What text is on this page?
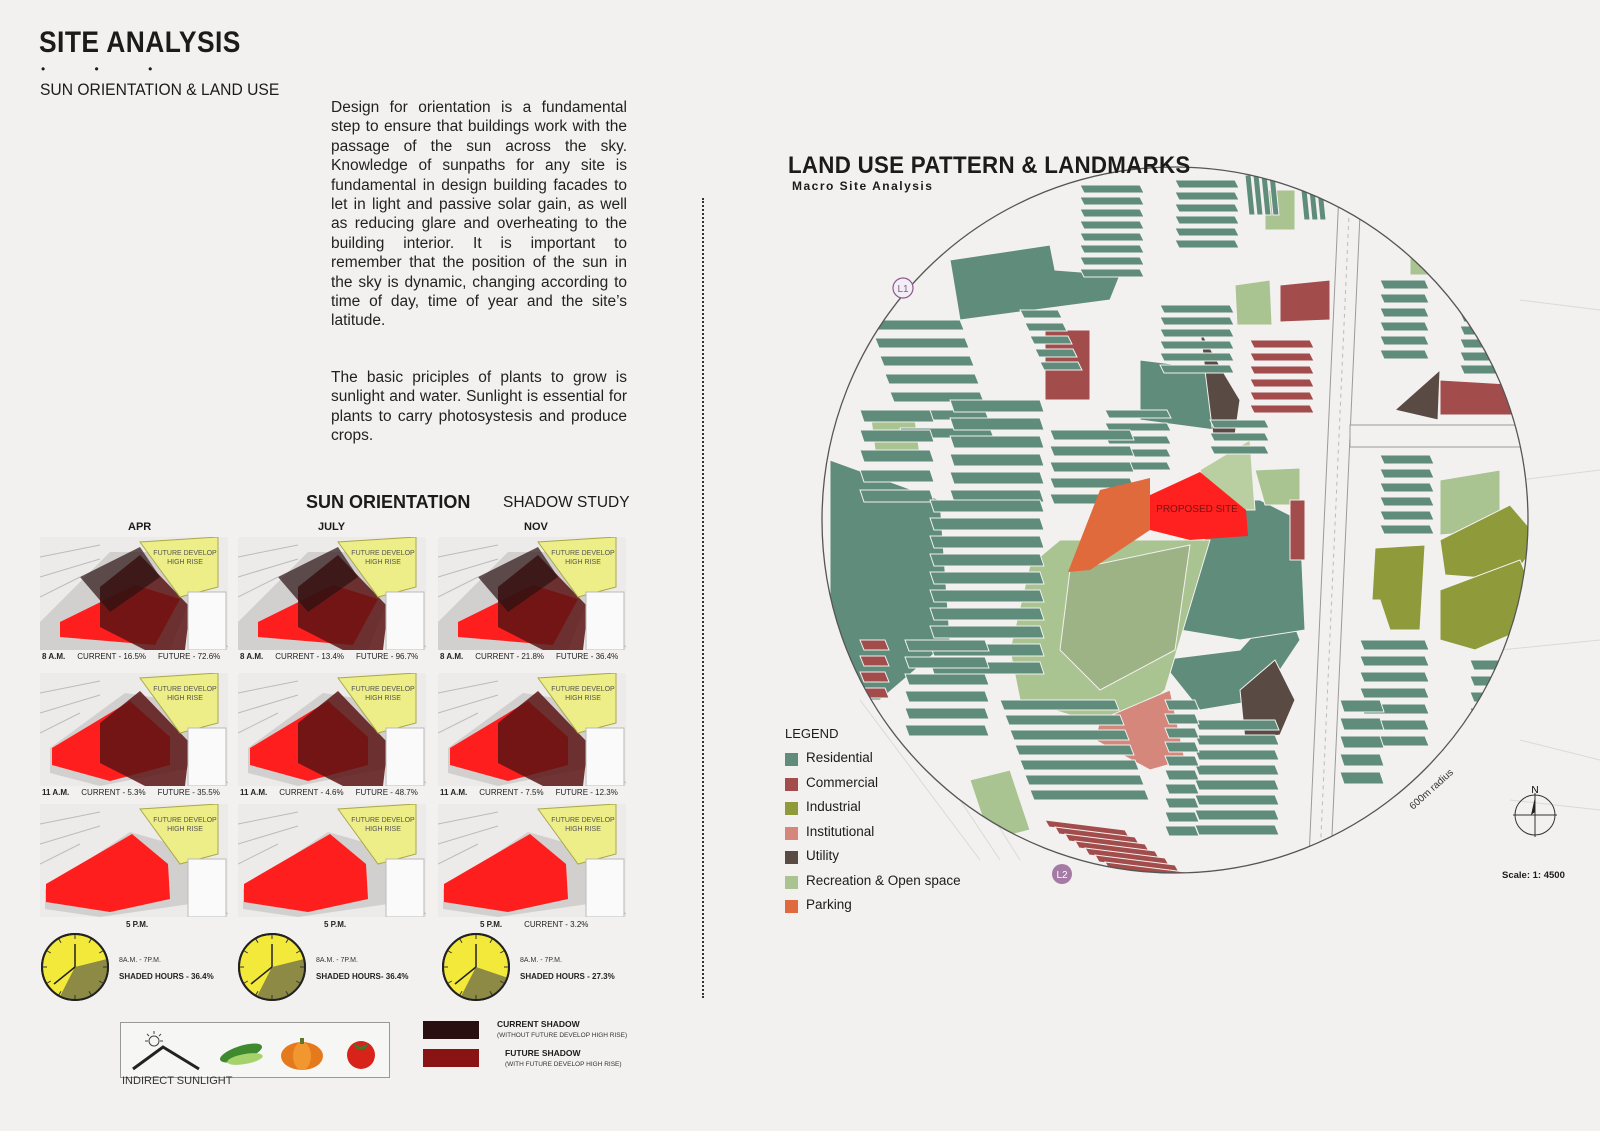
SITE ANALYSIS
• • •
SUN ORIENTATION & LAND USE
Design for orientation is a fundamental step to ensure that buildings work with the passage of the sun across the sky. Knowledge of sunpaths for any site is fundamental in design building facades to let in light and passive solar gain, as well as reducing glare and overheating to the building interior. It is important to remember that the position of the sun in the sky is dynamic, changing according to time of day, time of year and the site’s latitude.
The basic priciples of plants to grow is sunlight and water. Sunlight is essential for plants to carry photosystesis and produce crops.
SUN ORIENTATION SHADOW STUDY
APR	JULY	NOV
FUTURE DEVELOP HIGH RISE
FUTURE DEVELOP HIGH RISE
FUTURE DEVELOP HIGH RISE
FUTURE DEVELOP HIGH RISE
FUTURE DEVELOP HIGH RISE
FUTURE DEVELOP HIGH RISE
FUTURE DEVELOP HIGH RISE
FUTURE DEVELOP HIGH RISE
FUTURE DEVELOP HIGH RISE
INDIRECT SUNLIGHT
CURRENT SHADOW
(WITHOUT FUTURE DEVELOP HIGH RISE)
FUTURE SHADOW
(WITH FUTURE DEVELOP HIGH RISE)
L1
L2
PROPOSED SITE
600m radius	N
LAND USE PATTERN & LANDMARKS
Macro Site Analysis
Scale: 1: 4500
LEGEND
Residential
Commercial
Industrial
Institutional
Utility
Recreation & Open space
Parking
8 A.M. CURRENT - 16.5% FUTURE - 72.6% 8 A.M. CURRENT - 13.4% FUTURE - 96.7%	8 A.M. CURRENT - 21.8% FUTURE - 36.4%
11 A.M. CURRENT - 5.3% FUTURE - 35.5%	11 A.M. CURRENT - 4.6% FUTURE - 48.7%	11 A.M. CURRENT - 7.5% FUTURE - 12.3%
5 P.M.	5 P.M.	5 P.M.	CURRENT - 3.2%
8A.M. - 7P.M.
SHADED HOURS - 36.4%
8A.M. - 7P.M.
SHADED HOURS- 36.4%
8A.M. - 7P.M.
SHADED HOURS - 27.3%
